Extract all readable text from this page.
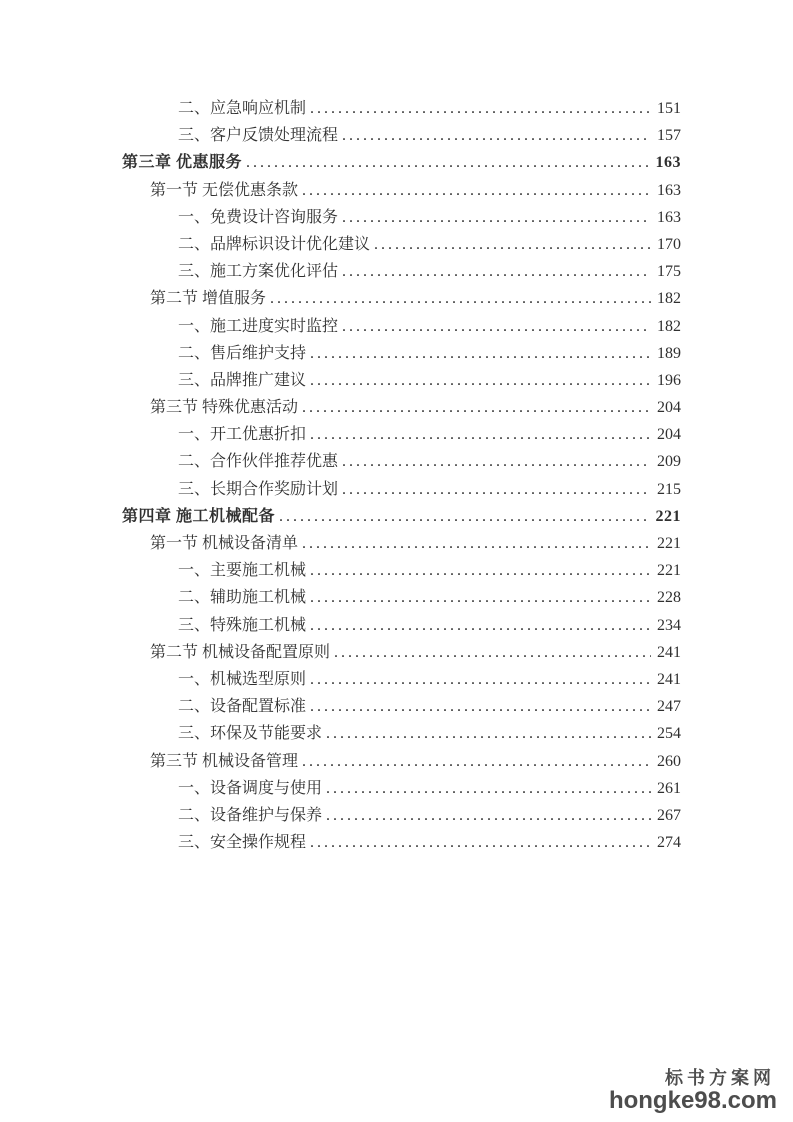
二、应急响应机制 .....	151
三、客户反馈处理流程 .....	157
第三章 优惠服务 .....	163
第一节 无偿优惠条款 .....	163
一、免费设计咨询服务 .....	163
二、品牌标识设计优化建议 .....	170
三、施工方案优化评估 .....	175
第二节 增值服务 .....	182
一、施工进度实时监控 .....	182
二、售后维护支持 .....	189
三、品牌推广建议 .....	196
第三节 特殊优惠活动 .....	204
一、开工优惠折扣 .....	204
二、合作伙伴推荐优惠 .....	209
三、长期合作奖励计划 .....	215
第四章 施工机械配备 .....	221
第一节 机械设备清单 .....	221
一、主要施工机械 .....	221
二、辅助施工机械 .....	228
三、特殊施工机械 .....	234
第二节 机械设备配置原则 .....	241
一、机械选型原则 .....	241
二、设备配置标准 .....	247
三、环保及节能要求 .....	254
第三节 机械设备管理 .....	260
一、设备调度与使用 .....	261
二、设备维护与保养 .....	267
三、安全操作规程 .....	274
标书方案网
hongke98.com
